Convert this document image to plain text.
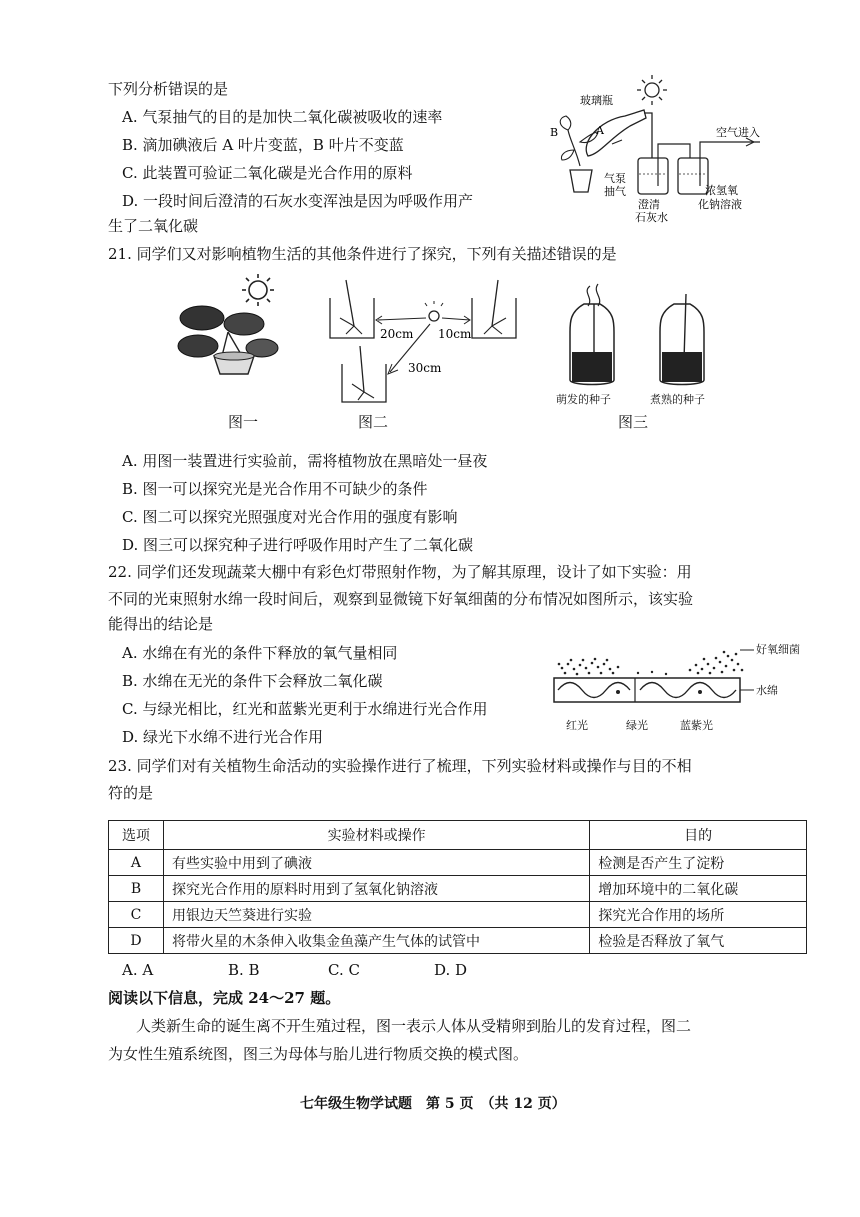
下列分析错误的是
A. 气泵抽气的目的是加快二氧化碳被吸收的速率
B. 滴加碘液后 A 叶片变蓝，B 叶片不变蓝
C. 此装置可验证二氧化碳是光合作用的原料
D. 一段时间后澄清的石灰水变浑浊是因为呼吸作用产
生了二氧化碳
玻璃瓶
A
B	空气进入
气泵
抽气
澄清
石灰水
浓氢氧
化钠溶液
21. 同学们又对影响植物生活的其他条件进行了探究，下列有关描述错误的是
图一
20cm 10cm
30cm
图二
萌发的种子	煮熟的种子
图三
A. 用图一装置进行实验前，需将植物放在黑暗处一昼夜
B. 图一可以探究光是光合作用不可缺少的条件
C. 图二可以探究光照强度对光合作用的强度有影响
D. 图三可以探究种子进行呼吸作用时产生了二氧化碳
22. 同学们还发现蔬菜大棚中有彩色灯带照射作物，为了解其原理，设计了如下实验：用
不同的光束照射水绵一段时间后，观察到显微镜下好氧细菌的分布情况如图所示，该实验
能得出的结论是
A. 水绵在有光的条件下释放的氧气量相同
B. 水绵在无光的条件下会释放二氧化碳
C. 与绿光相比，红光和蓝紫光更利于水绵进行光合作用
D. 绿光下水绵不进行光合作用
好氧细菌
水绵
红光	绿光	蓝紫光
23. 同学们对有关植物生命活动的实验操作进行了梳理，下列实验材料或操作与目的不相
符的是
选项	实验材料或操作	目的
A	有些实验中用到了碘液	检测是否产生了淀粉
B	探究光合作用的原料时用到了氢氧化钠溶液	增加环境中的二氧化碳
C	用银边天竺葵进行实验	探究光合作用的场所
D	将带火星的木条伸入收集金鱼藻产生气体的试管中	检验是否释放了氧气
A. A	B. B	C. C	D. D
阅读以下信息，完成 24～27 题。
人类新生命的诞生离不开生殖过程，图一表示人体从受精卵到胎儿的发育过程，图二
为女性生殖系统图，图三为母体与胎儿进行物质交换的模式图。
七年级生物学试题　第 5 页　（共 12 页）
